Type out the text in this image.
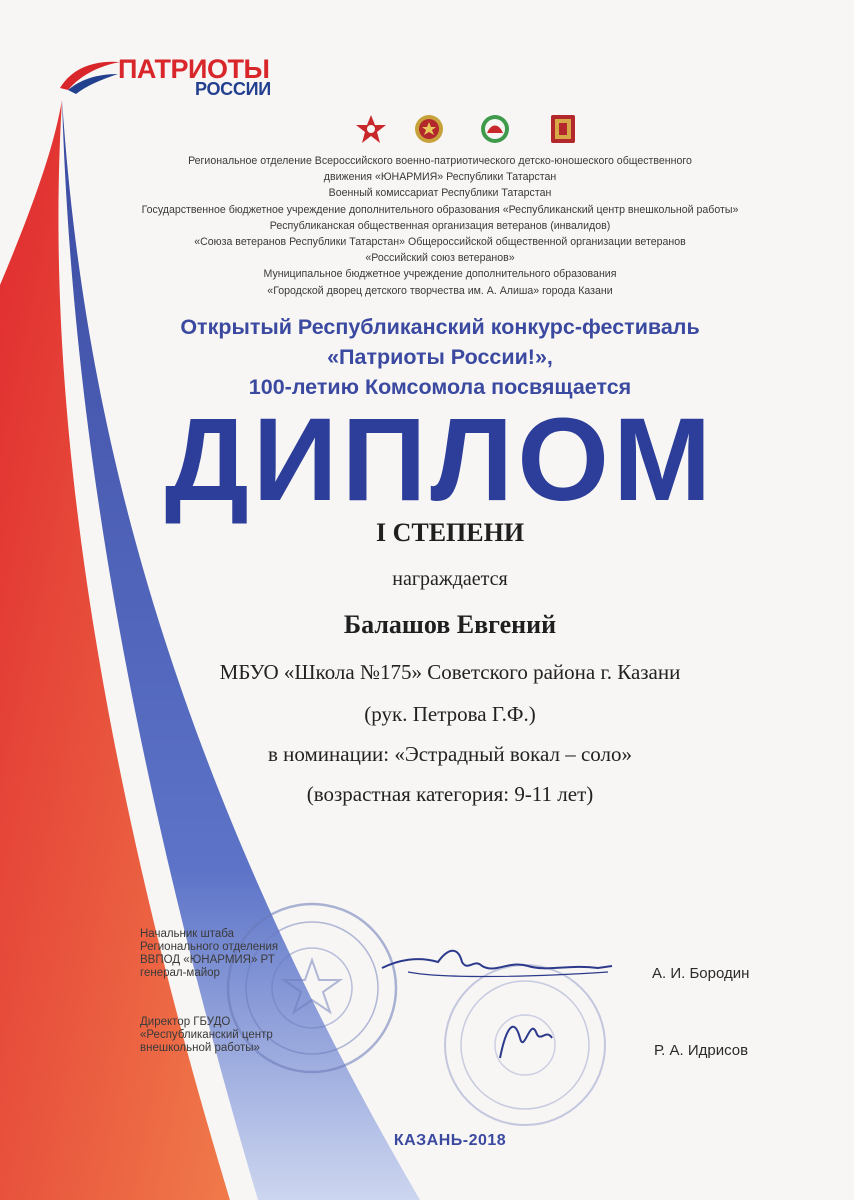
ПАТРИОТЫ
РОССИИ
Региональное отделение Всероссийского военно-патриотического детско-юношеского общественного
движения «ЮНАРМИЯ» Республики Татарстан
Военный комиссариат Республики Татарстан
Государственное бюджетное учреждение дополнительного образования «Республиканский центр внешкольной работы»
Республиканская общественная организация ветеранов (инвалидов)
«Союза ветеранов Республики Татарстан» Общероссийской общественной организации ветеранов
«Российский союз ветеранов»
Муниципальное бюджетное учреждение дополнительного образования
«Городской дворец детского творчества им. А. Алиша» города Казани
Открытый Республиканский конкурс-фестиваль
«Патриоты России!»,
100-летию Комсомола посвящается
ДИПЛОМ
I СТЕПЕНИ
награждается
Балашов Евгений
МБУО «Школа №175» Советского района г. Казани
(рук. Петрова Г.Ф.)
в номинации: «Эстрадный вокал – соло»
(возрастная категория: 9-11 лет)
Начальник штаба
Регионального отделения
ВВПОД «ЮНАРМИЯ» РТ
генерал-майор	А. И. Бородин
Директор ГБУДО
«Республиканский центр
внешкольной работы»	Р. А. Идрисов
КАЗАНЬ-2018
